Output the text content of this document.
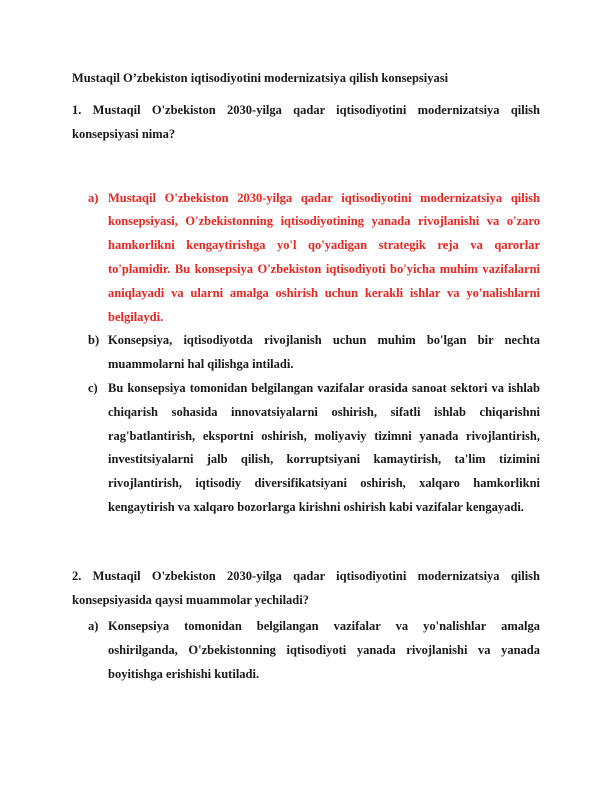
Mustaqil O’zbekiston iqtisodiyotini modernizatsiya qilish konsepsiyasi

1. Mustaqil O'zbekiston 2030-yilga qadar iqtisodiyotini modernizatsiya qilish konsepsiyasi nima?

a) Mustaqil O'zbekiston 2030-yilga qadar iqtisodiyotini modernizatsiya qilish konsepsiyasi, O'zbekistonning iqtisodiyotining yanada rivojlanishi va o'zaro hamkorlikni kengaytirishga yo'l qo'yadigan strategik reja va qarorlar to'plamidir. Bu konsepsiya O'zbekiston iqtisodiyoti bo'yicha muhim vazifalarni aniqlayadi va ularni amalga oshirish uchun kerakli ishlar va yo'nalishlarni belgilaydi.
b) Konsepsiya, iqtisodiyotda rivojlanish uchun muhim bo'lgan bir nechta muammolarni hal qilishga intiladi.
c) Bu konsepsiya tomonidan belgilangan vazifalar orasida sanoat sektori va ishlab chiqarish sohasida innovatsiyalarni oshirish, sifatli ishlab chiqarishni rag'batlantirish, eksportni oshirish, moliyaviy tizimni yanada rivojlantirish, investitsiyalarni jalb qilish, korruptsiyani kamaytirish, ta'lim tizimini rivojlantirish, iqtisodiy diversifikatsiyani oshirish, xalqaro hamkorlikni kengaytirish va xalqaro bozorlarga kirishni oshirish kabi vazifalar kengayadi.

2. Mustaqil O'zbekiston 2030-yilga qadar iqtisodiyotini modernizatsiya qilish konsepsiyasida qaysi muammolar yechiladi?

a) Konsepsiya tomonidan belgilangan vazifalar va yo'nalishlar amalga oshirilganda, O'zbekistonning iqtisodiyoti yanada rivojlanishi va yanada boyitishga erishishi kutiladi.
